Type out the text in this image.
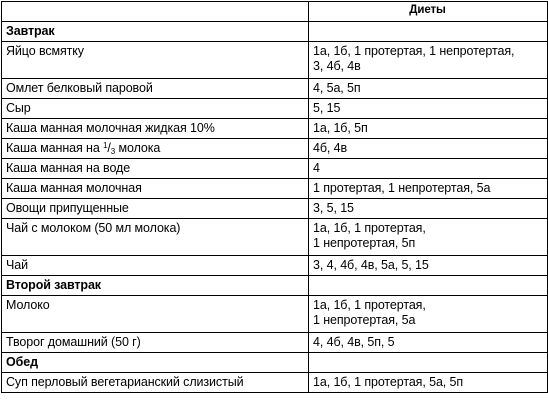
	Диеты
Завтрак	
Яйцо всмятку	1а, 1б, 1 протертая, 1 непротертая,
3, 4б, 4в

Омлет белковый паровой	4, 5а, 5п
Сыр	5, 15
Каша манная молочная жидкая 10%	1а, 1б, 5п
Каша манная на $^1/_3$ молока	4б, 4в
Каша манная на воде	4
Каша манная молочная	1 протертая, 1 непротертая, 5а
Овощи припущенные	3, 5, 15
Чай с молоком (50 мл молока)	1а, 1б, 1 протертая,
1 непротертая, 5п

Чай	3, 4, 4б, 4в, 5а, 5, 15
Второй завтрак	
Молоко	1а, 1б, 1 протертая,
1 непротертая, 5а

Творог домашний (50 г)	4, 4б, 4в, 5п, 5
Обед	
Суп перловый вегетарианский слизистый	1а, 1б, 1 протертая, 5а, 5п
